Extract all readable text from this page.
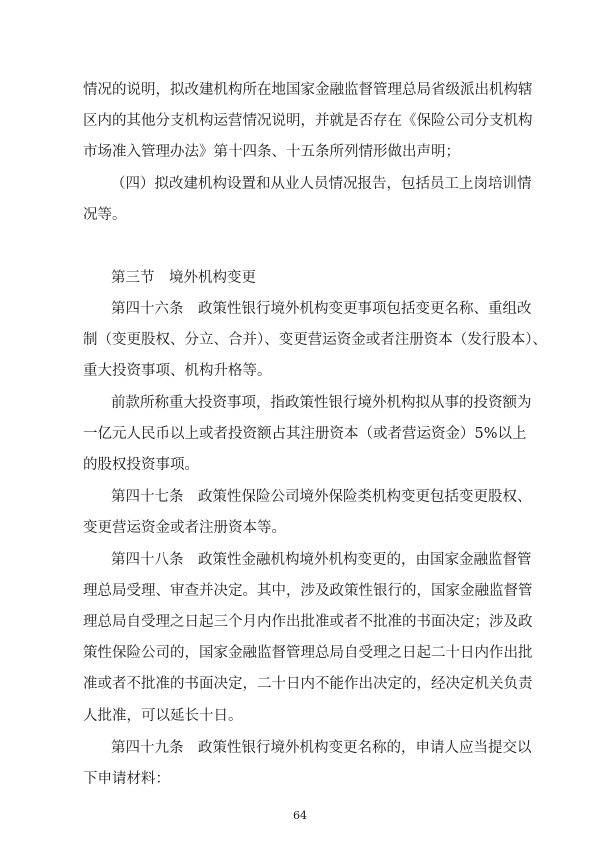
情况的说明，拟改建机构所在地国家金融监督管理总局省级派出机构辖
区内的其他分支机构运营情况说明，并就是否存在《保险公司分支机构
市场准入管理办法》第十四条、十五条所列情形做出声明；
（四）拟改建机构设置和从业人员情况报告，包括员工上岗培训情
况等。
第三节　境外机构变更
第四十六条　政策性银行境外机构变更事项包括变更名称、重组改
制（变更股权、分立、合并）、变更营运资金或者注册资本（发行股本）、
重大投资事项、机构升格等。
前款所称重大投资事项，指政策性银行境外机构拟从事的投资额为
一亿元人民币以上或者投资额占其注册资本（或者营运资金）5%以上
的股权投资事项。
第四十七条　政策性保险公司境外保险类机构变更包括变更股权、
变更营运资金或者注册资本等。
第四十八条　政策性金融机构境外机构变更的，由国家金融监督管
理总局受理、审查并决定。其中，涉及政策性银行的，国家金融监督管
理总局自受理之日起三个月内作出批准或者不批准的书面决定；涉及政
策性保险公司的，国家金融监督管理总局自受理之日起二十日内作出批
准或者不批准的书面决定，二十日内不能作出决定的，经决定机关负责
人批准，可以延长十日。
第四十九条　政策性银行境外机构变更名称的，申请人应当提交以
下申请材料：
64
